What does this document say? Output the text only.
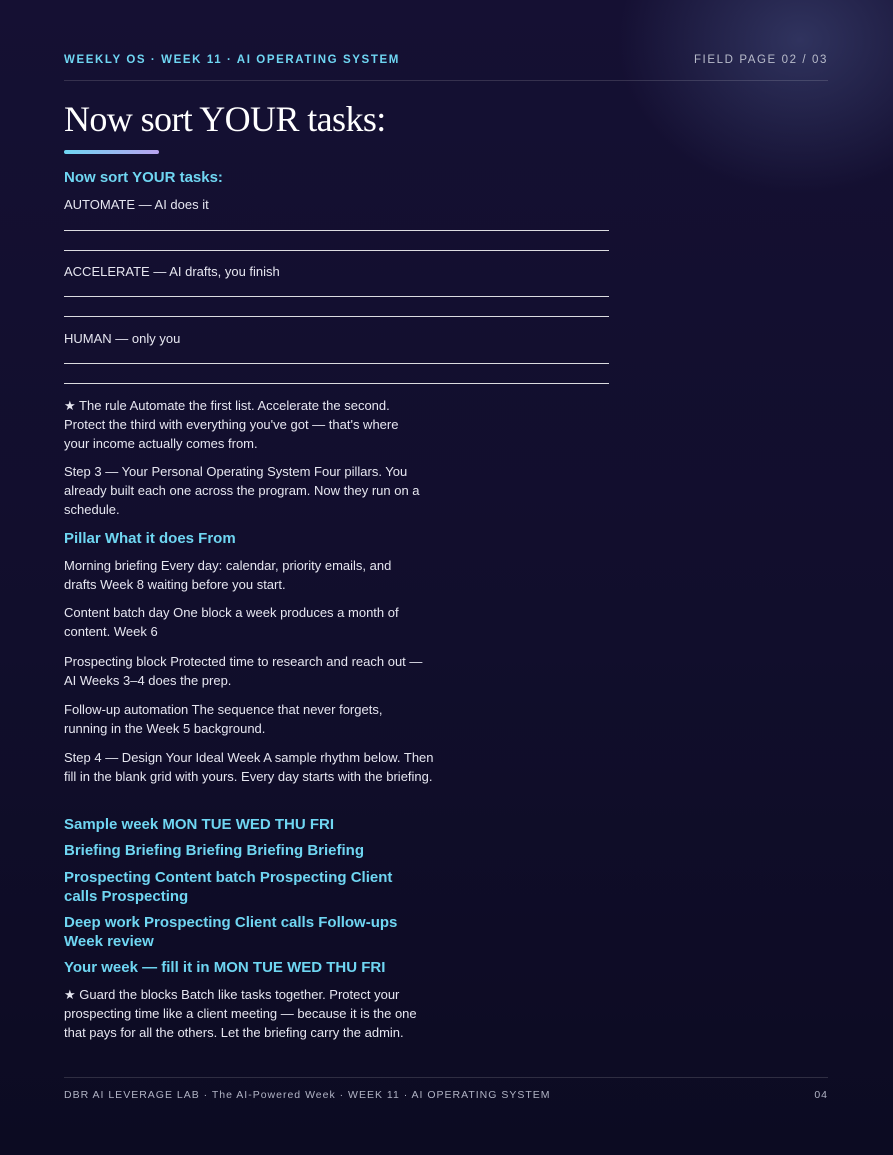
WEEKLY OS · WEEK 11 · AI OPERATING SYSTEM	FIELD PAGE 02 / 03
Now sort YOUR tasks:
Now sort YOUR tasks:
AUTOMATE — AI does it
ACCELERATE — AI drafts, you finish
HUMAN — only you

★ The rule Automate the first list. Accelerate the second. Protect the third with everything you've got — that's where your income actually comes from.

Step 3 — Your Personal Operating System Four pillars. You already built each one across the program. Now they run on a schedule.

Pillar What it does From

Morning briefing Every day: calendar, priority emails, and drafts Week 8 waiting before you start.

Content batch day One block a week produces a month of content. Week 6

Prospecting block Protected time to research and reach out — AI Weeks 3–4 does the prep.

Follow-up automation The sequence that never forgets, running in the Week 5 background.

Step 4 — Design Your Ideal Week A sample rhythm below. Then fill in the blank grid with yours. Every day starts with the briefing.

Sample week MON TUE WED THU FRI
Briefing Briefing Briefing Briefing Briefing
Prospecting Content batch Prospecting Client calls Prospecting
Deep work Prospecting Client calls Follow-ups Week review
Your week — fill it in MON TUE WED THU FRI

★ Guard the blocks Batch like tasks together. Protect your prospecting time like a client meeting — because it is the one that pays for all the others. Let the briefing carry the admin.

DBR AI LEVERAGE LAB · The AI-Powered Week · WEEK 11 · AI OPERATING SYSTEM	04
